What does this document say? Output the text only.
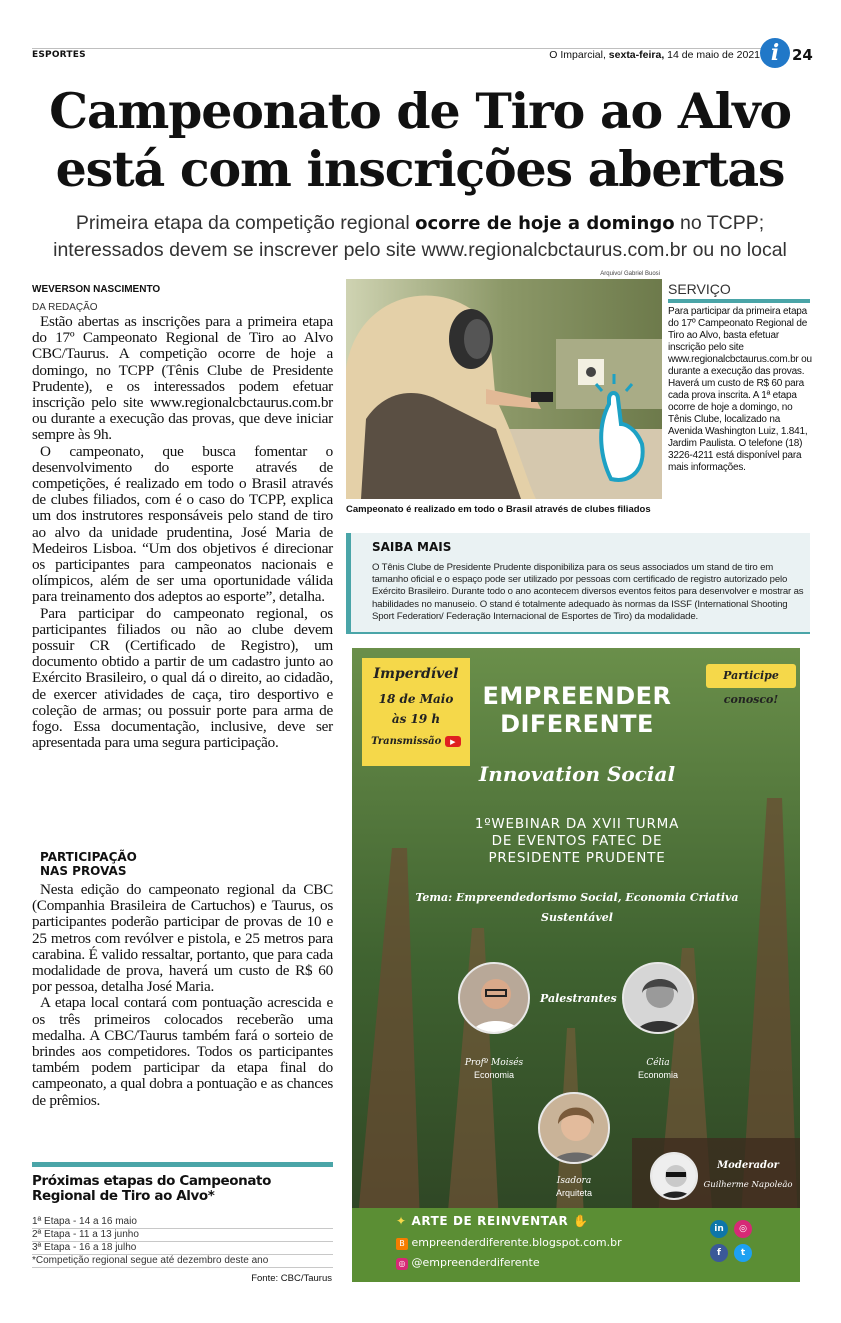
ESPORTES	O Imparcial, sexta-feira, 14 de maio de 2021 i 24
Campeonato de Tiro ao Alvo
está com inscrições abertas
Primeira etapa da competição regional ocorre de hoje a domingo no TCPP;
interessados devem se inscrever pelo site www.regionalcbctaurus.com.br ou no local
WEVERSON NASCIMENTO
DA REDAÇÃO

Estão abertas as inscrições para a primeira etapa do 17º Campeonato Regional de Tiro ao Alvo CBC/Taurus. A competição ocorre de hoje a domingo, no TCPP (Tênis Clube de Presidente Prudente), e os interessados podem efetuar inscrição pelo site www.regionalcbctaurus.com.br ou durante a execução das provas, que deve iniciar sempre às 9h.

O campeonato, que busca fomentar o desenvolvimento do esporte através de competições, é realizado em todo o Brasil através de clubes filiados, com é o caso do TCPP, explica um dos instrutores responsáveis pelo stand de tiro ao alvo da unidade prudentina, José Maria de Medeiros Lisboa. “Um dos objetivos é direcionar os participantes para campeonatos nacionais e olímpicos, além de ser uma oportunidade válida para treinamento dos adeptos ao esporte”, detalha.

Para participar do campeonato regional, os participantes filiados ou não ao clube devem possuir CR (Certificado de Registro), um documento obtido a partir de um cadastro junto ao Exército Brasileiro, o qual dá o direito, ao cidadão, de exercer atividades de caça, tiro desportivo e coleção de armas; ou possuir porte para arma de fogo. Essa documentação, inclusive, deve ser apresentada para uma segura participação.

PARTICIPAÇÃO
NAS PROVAS

Nesta edição do campeonato regional da CBC (Companhia Brasileira de Cartuchos) e Taurus, os participantes poderão participar de provas de 10 e 25 metros com revólver e pistola, e 25 metros para carabina. É valido ressaltar, portanto, que para cada modalidade de prova, haverá um custo de R$ 60 por pessoa, detalha José Maria.

A etapa local contará com pontuação acrescida e os três primeiros colocados receberão uma medalha. A CBC/Taurus também fará o sorteio de brindes aos competidores. Todos os participantes também podem participar da etapa final do campeonato, a qual dobra a pontuação e as chances de prêmios.

Próximas etapas do Campeonato Regional de Tiro ao Alvo*
1ª Etapa - 14 a 16 maio
2ª Etapa - 11 a 13 junho
3ª Etapa - 16 a 18 julho
*Competição regional segue até dezembro deste ano
Fonte: CBC/Taurus
Arquivo/ Gabriel Buosi
Campeonato é realizado em todo o Brasil através de clubes filiados
SERVIÇO
Para participar da primeira etapa do 17º Campeonato Regional de Tiro ao Alvo, basta efetuar inscrição pelo site www.regionalcbctaurus.com.br ou durante a execução das provas. Haverá um custo de R$ 60 para cada prova inscrita. A 1ª etapa ocorre de hoje a domingo, no Tênis Clube, localizado na Avenida Washington Luiz, 1.841, Jardim Paulista. O telefone (18) 3226-4211 está disponível para mais informações.
SAIBA MAIS
O Tênis Clube de Presidente Prudente disponibiliza para os seus associados um stand de tiro em tamanho oficial e o espaço pode ser utilizado por pessoas com certificado de registro autorizado pelo Exército Brasileiro. Durante todo o ano acontecem diversos eventos feitos para desenvolver e mostrar as habilidades no manuseio. O stand é totalmente adequado às normas da ISSF (International Shooting Sport Federation/ Federação Internacional de Esportes de Tiro) da modalidade.
Imperdível
18 de Maio
às 19 h
Transmissão ▶
Participe conosco!
EMPREENDER
DIFERENTE
Innovation Social
1ºWEBINAR DA XVII TURMA
DE EVENTOS FATEC DE
PRESIDENTE PRUDENTE
Tema: Empreendedorismo Social, Economia Criativa
Sustentável
Palestrantes
Profº Moisés
Economia
Célia
Economia
Isadora
Arquiteta
Moderador
Guilherme Napoleão
✦ ARTE DE REINVENTAR ✋
B empreenderdiferente.blogspot.com.br
◎ @empreenderdiferente
in	◎
f	t
